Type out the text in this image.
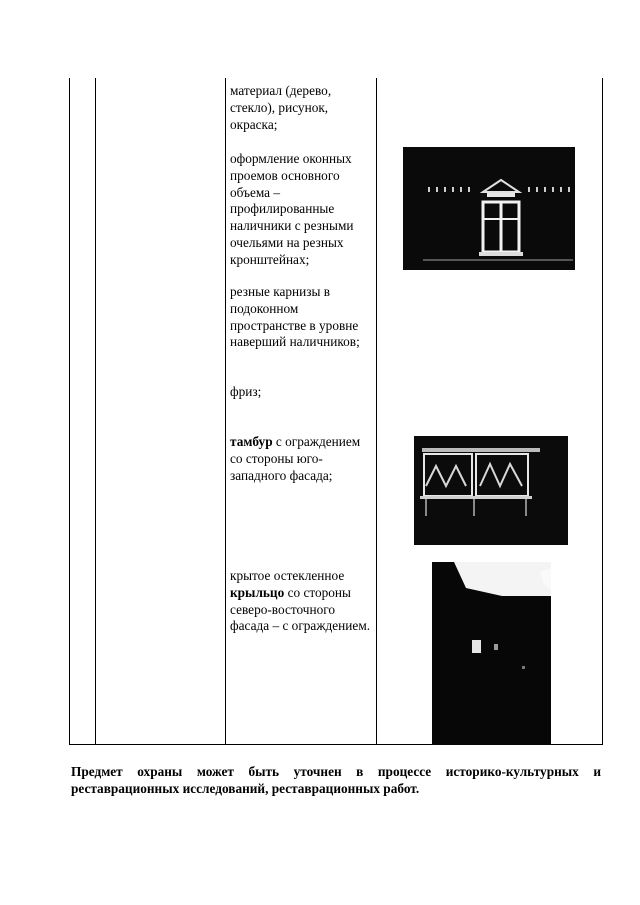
материал (дерево, стекло), рисунок, окраска;
оформление оконных проемов основного объема – профилированные наличники с резными очельями на резных кронштейнах;
резные карнизы в подоконном пространстве в уровне наверший наличников;
фриз;
тамбур с ограждением со стороны юго-западного фасада;
крытое остекленное крыльцо со стороны северо-восточного фасада – с ограждением.
Предмет охраны может быть уточнен в процессе историко-культурных и реставрационных исследований, реставрационных работ.
